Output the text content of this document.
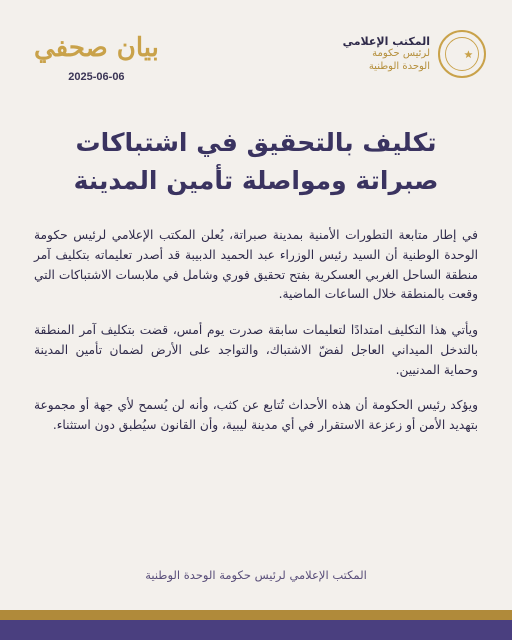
المكتب الإعلامي
لرئيس حكومة
الوحدة الوطنية
بيان صحفي
2025-06-06
تكليف بالتحقيق في اشتباكات
صبراتة ومواصلة تأمين المدينة

في إطار متابعة التطورات الأمنية بمدينة صبراتة، يُعلن المكتب الإعلامي لرئيس حكومة الوحدة الوطنية أن السيد رئيس الوزراء عبد الحميد الدبيبة قد أصدر تعليماته بتكليف آمر منطقة الساحل الغربي العسكرية بفتح تحقيق فوري وشامل في ملابسات الاشتباكات التي وقعت بالمنطقة خلال الساعات الماضية.

ويأتي هذا التكليف امتدادًا لتعليمات سابقة صدرت يوم أمس، قضت بتكليف آمر المنطقة بالتدخل الميداني العاجل لفضّ الاشتباك، والتواجد على الأرض لضمان تأمين المدينة وحماية المدنيين.

ويؤكد رئيس الحكومة أن هذه الأحداث تُتابع عن كثب، وأنه لن يُسمح لأي جهة أو مجموعة بتهديد الأمن أو زعزعة الاستقرار في أي مدينة ليبية، وأن القانون سيُطبق دون استثناء.

المكتب الإعلامي لرئيس حكومة الوحدة الوطنية
